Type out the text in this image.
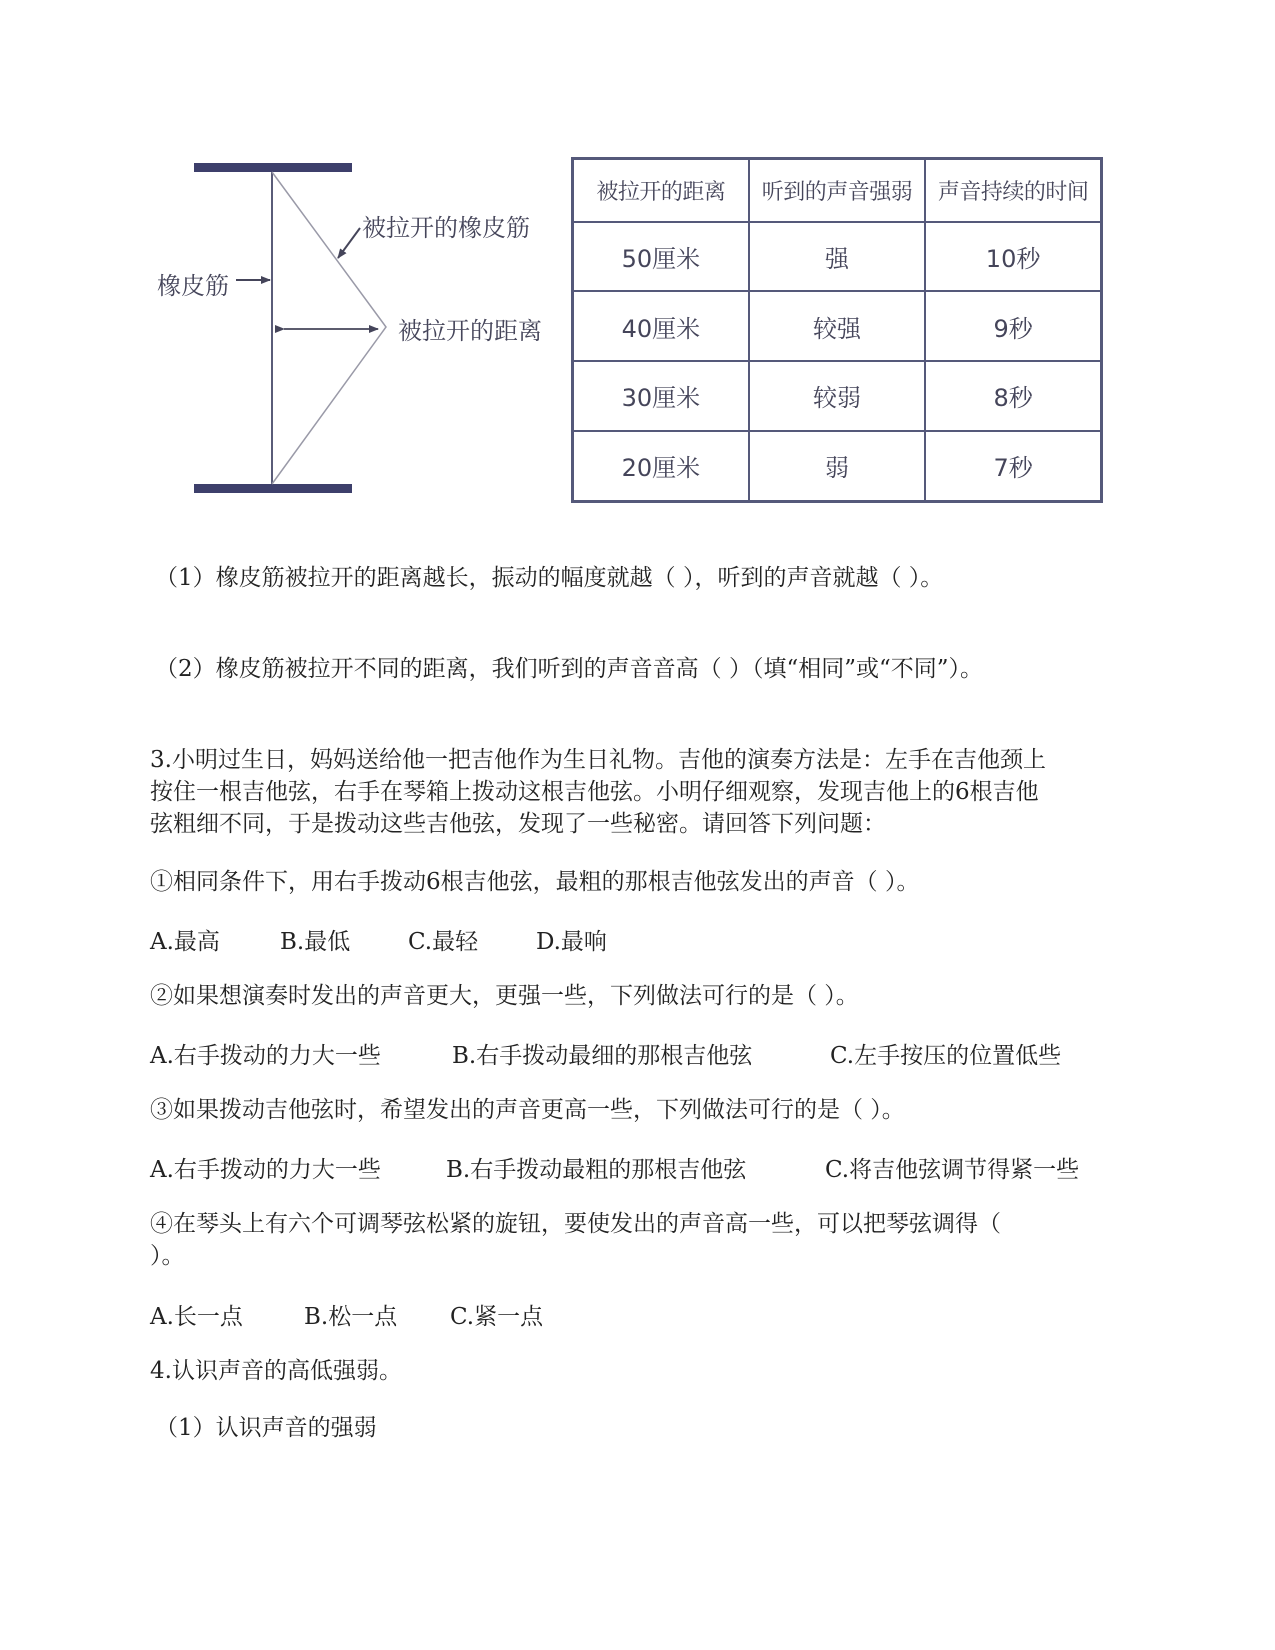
橡皮筋
被拉开的橡皮筋
被拉开的距离
被拉开的距离	听到的声音强弱	声音持续的时间
50厘米	强	10秒
40厘米	较强	9秒
30厘米	较弱	8秒
20厘米	弱	7秒
（1）橡皮筋被拉开的距离越长，振动的幅度就越（ ），听到的声音就越（ ）。
（2）橡皮筋被拉开不同的距离，我们听到的声音音高（ ）（填“相同”或“不同”）。
3.小明过生日，妈妈送给他一把吉他作为生日礼物。吉他的演奏方法是：左手在吉他颈上
按住一根吉他弦，右手在琴箱上拨动这根吉他弦。小明仔细观察，发现吉他上的6根吉他
弦粗细不同，于是拨动这些吉他弦，发现了一些秘密。请回答下列问题：
①相同条件下，用右手拨动6根吉他弦，最粗的那根吉他弦发出的声音（ ）。
A.最高	B.最低	C.最轻	D.最响
②如果想演奏时发出的声音更大，更强一些，下列做法可行的是（ ）。
A.右手拨动的力大一些	B.右手拨动最细的那根吉他弦	C.左手按压的位置低些
③如果拨动吉他弦时，希望发出的声音更高一些，下列做法可行的是（ ）。
A.右手拨动的力大一些	B.右手拨动最粗的那根吉他弦	C.将吉他弦调节得紧一些
④在琴头上有六个可调琴弦松紧的旋钮，要使发出的声音高一些，可以把琴弦调得（
）。
A.长一点	B.松一点 C.紧一点
4.认识声音的高低强弱。
（1）认识声音的强弱
